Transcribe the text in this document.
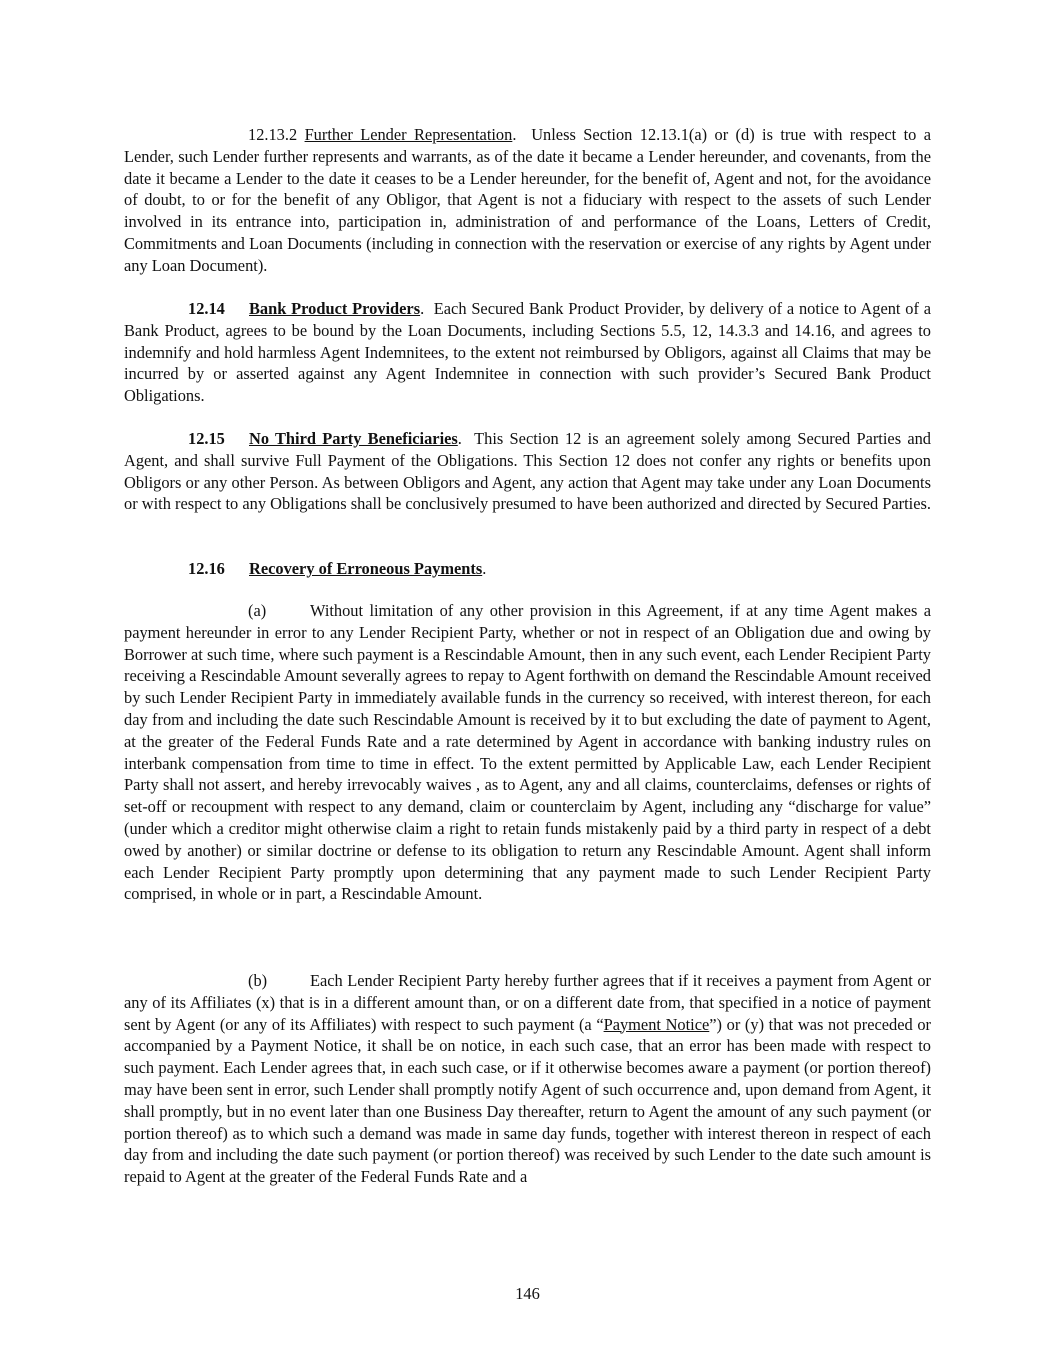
12.13.2 Further Lender Representation.  Unless Section 12.13.1(a) or (d) is true with respect to a Lender, such Lender further represents and warrants, as of the date it became a Lender hereunder, and covenants, from the date it became a Lender to the date it ceases to be a Lender hereunder, for the benefit of, Agent and not, for the avoidance of doubt, to or for the benefit of any Obligor, that Agent is not a fiduciary with respect to the assets of such Lender involved in its entrance into, participation in, administration of and performance of the Loans, Letters of Credit, Commitments and Loan Documents (including in connection with the reservation or exercise of any rights by Agent under any Loan Document).

12.14 Bank Product Providers.  Each Secured Bank Product Provider, by delivery of a notice to Agent of a Bank Product, agrees to be bound by the Loan Documents, including Sections 5.5, 12, 14.3.3 and 14.16, and agrees to indemnify and hold harmless Agent Indemnitees, to the extent not reimbursed by Obligors, against all Claims that may be incurred by or asserted against any Agent Indemnitee in connection with such provider’s Secured Bank Product Obligations.

12.15 No Third Party Beneficiaries.  This Section 12 is an agreement solely among Secured Parties and Agent, and shall survive Full Payment of the Obligations. This Section 12 does not confer any rights or benefits upon Obligors or any other Person. As between Obligors and Agent, any action that Agent may take under any Loan Documents or with respect to any Obligations shall be conclusively presumed to have been authorized and directed by Secured Parties.

12.16 Recovery of Erroneous Payments.

(a)	Without limitation of any other provision in this Agreement, if at any time Agent makes a payment hereunder in error to any Lender Recipient Party, whether or not in respect of an Obligation due and owing by Borrower at such time, where such payment is a Rescindable Amount, then in any such event, each Lender Recipient Party receiving a Rescindable Amount severally agrees to repay to Agent forthwith on demand the Rescindable Amount received by such Lender Recipient Party in immediately available funds in the currency so received, with interest thereon, for each day from and including the date such Rescindable Amount is received by it to but excluding the date of payment to Agent, at the greater of the Federal Funds Rate and a rate determined by Agent in accordance with banking industry rules on interbank compensation from time to time in effect. To the extent permitted by Applicable Law, each Lender Recipient Party shall not assert, and hereby irrevocably waives , as to Agent, any and all claims, counterclaims, defenses or rights of set-off or recoupment with respect to any demand, claim or counterclaim by Agent, including any “discharge for value” (under which a creditor might otherwise claim a right to retain funds mistakenly paid by a third party in respect of a debt owed by another) or similar doctrine or defense to its obligation to return any Rescindable Amount. Agent shall inform each Lender Recipient Party promptly upon determining that any payment made to such Lender Recipient Party comprised, in whole or in part, a Rescindable Amount.

(b)	Each Lender Recipient Party hereby further agrees that if it receives a payment from Agent or any of its Affiliates (x) that is in a different amount than, or on a different date from, that specified in a notice of payment sent by Agent (or any of its Affiliates) with respect to such payment (a “Payment Notice”) or (y) that was not preceded or accompanied by a Payment Notice, it shall be on notice, in each such case, that an error has been made with respect to such payment. Each Lender agrees that, in each such case, or if it otherwise becomes aware a payment (or portion thereof) may have been sent in error, such Lender shall promptly notify Agent of such occurrence and, upon demand from Agent, it shall promptly, but in no event later than one Business Day thereafter, return to Agent the amount of any such payment (or portion thereof) as to which such a demand was made in same day funds, together with interest thereon in respect of each day from and including the date such payment (or portion thereof) was received by such Lender to the date such amount is repaid to Agent at the greater of the Federal Funds Rate and a

146
